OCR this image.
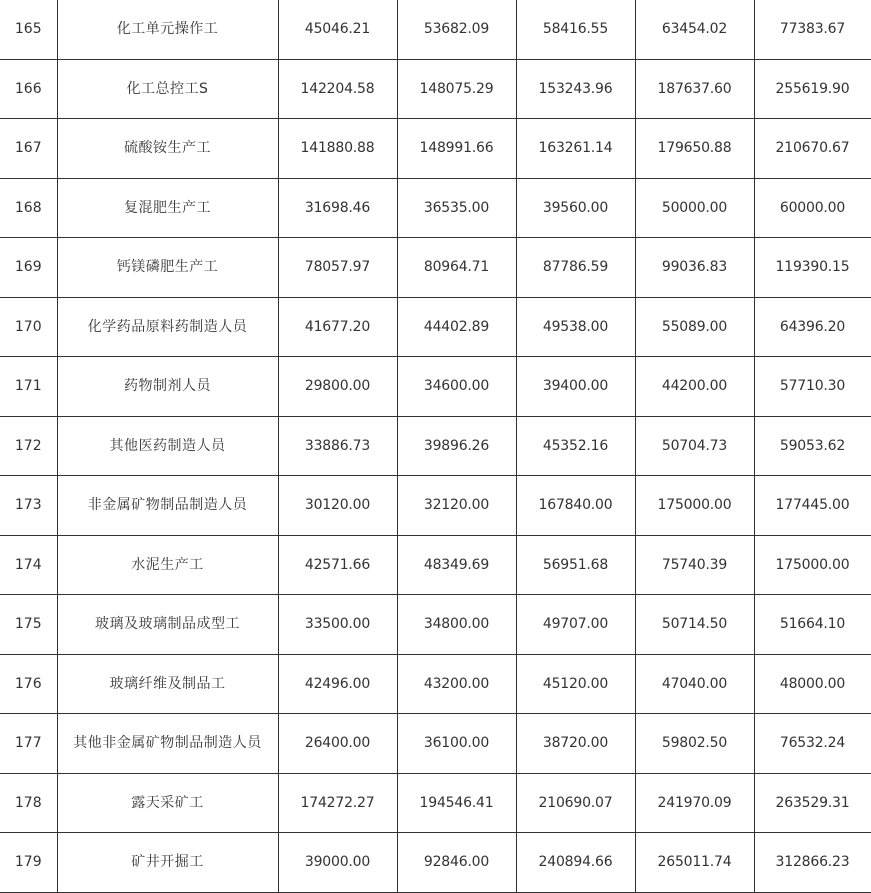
165	化工单元操作工	45046.21	53682.09	58416.55	63454.02	77383.67
166	化工总控工S	142204.58	148075.29	153243.96	187637.60	255619.90
167	硫酸铵生产工	141880.88	148991.66	163261.14	179650.88	210670.67
168	复混肥生产工	31698.46	36535.00	39560.00	50000.00	60000.00
169	钙镁磷肥生产工	78057.97	80964.71	87786.59	99036.83	119390.15
170	化学药品原料药制造人员	41677.20	44402.89	49538.00	55089.00	64396.20
171	药物制剂人员	29800.00	34600.00	39400.00	44200.00	57710.30
172	其他医药制造人员	33886.73	39896.26	45352.16	50704.73	59053.62
173	非金属矿物制品制造人员	30120.00	32120.00	167840.00	175000.00	177445.00
174	水泥生产工	42571.66	48349.69	56951.68	75740.39	175000.00
175	玻璃及玻璃制品成型工	33500.00	34800.00	49707.00	50714.50	51664.10
176	玻璃纤维及制品工	42496.00	43200.00	45120.00	47040.00	48000.00
177	其他非金属矿物制品制造人员	26400.00	36100.00	38720.00	59802.50	76532.24
178	露天采矿工	174272.27	194546.41	210690.07	241970.09	263529.31
179	矿井开掘工	39000.00	92846.00	240894.66	265011.74	312866.23
